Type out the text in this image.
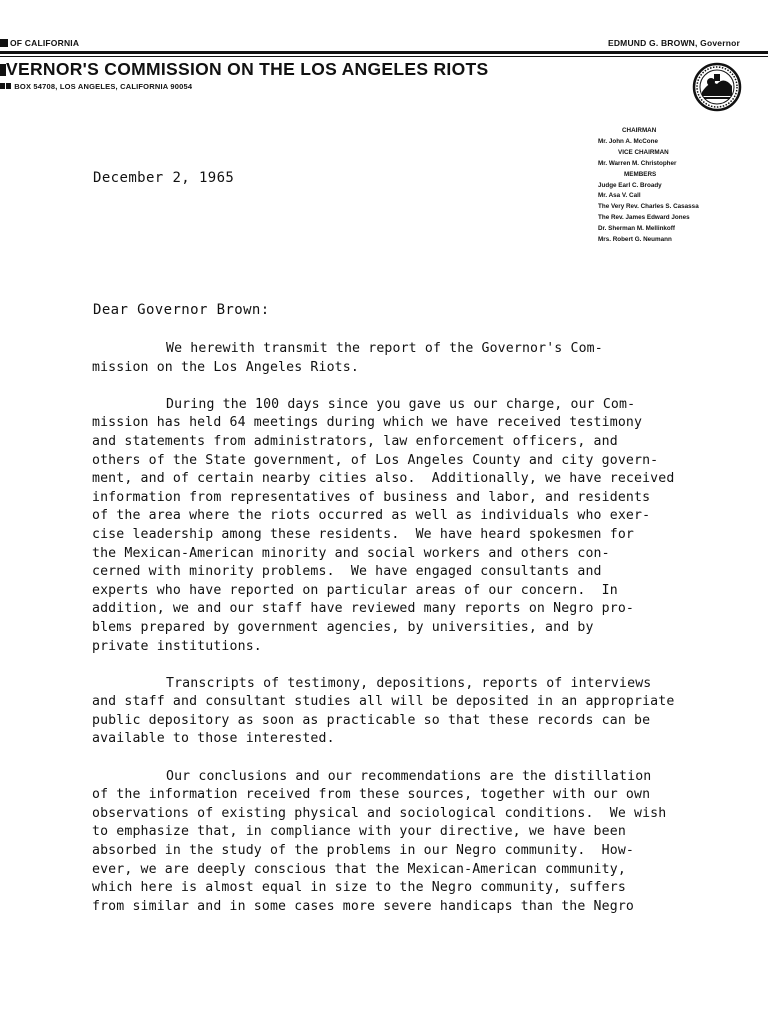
OF CALIFORNIA	EDMUND G. BROWN, Governor
VERNOR'S COMMISSION ON THE LOS ANGELES RIOTS
BOX 54708, LOS ANGELES, CALIFORNIA 90054
CHAIRMAN
Mr. John A. McCone
VICE CHAIRMAN
Mr. Warren M. Christopher
MEMBERS
Judge Earl C. Broady
Mr. Asa V. Call
The Very Rev. Charles S. Casassa
The Rev. James Edward Jones
Dr. Sherman M. Mellinkoff
Mrs. Robert G. Neumann
December 2, 1965
Dear Governor Brown:
We herewith transmit the report of the Governor's Com-
mission on the Los Angeles Riots.
During the 100 days since you gave us our charge, our Com-
mission has held 64 meetings during which we have received testimony
and statements from administrators, law enforcement officers, and
others of the State government, of Los Angeles County and city govern-
ment, and of certain nearby cities also.  Additionally, we have received
information from representatives of business and labor, and residents
of the area where the riots occurred as well as individuals who exer-
cise leadership among these residents.  We have heard spokesmen for
the Mexican-American minority and social workers and others con-
cerned with minority problems.  We have engaged consultants and
experts who have reported on particular areas of our concern.  In
addition, we and our staff have reviewed many reports on Negro pro-
blems prepared by government agencies, by universities, and by
private institutions.
Transcripts of testimony, depositions, reports of interviews
and staff and consultant studies all will be deposited in an appropriate
public depository as soon as practicable so that these records can be
available to those interested.
Our conclusions and our recommendations are the distillation
of the information received from these sources, together with our own
observations of existing physical and sociological conditions.  We wish
to emphasize that, in compliance with your directive, we have been
absorbed in the study of the problems in our Negro community.  How-
ever, we are deeply conscious that the Mexican-American community,
which here is almost equal in size to the Negro community, suffers
from similar and in some cases more severe handicaps than the Negro
